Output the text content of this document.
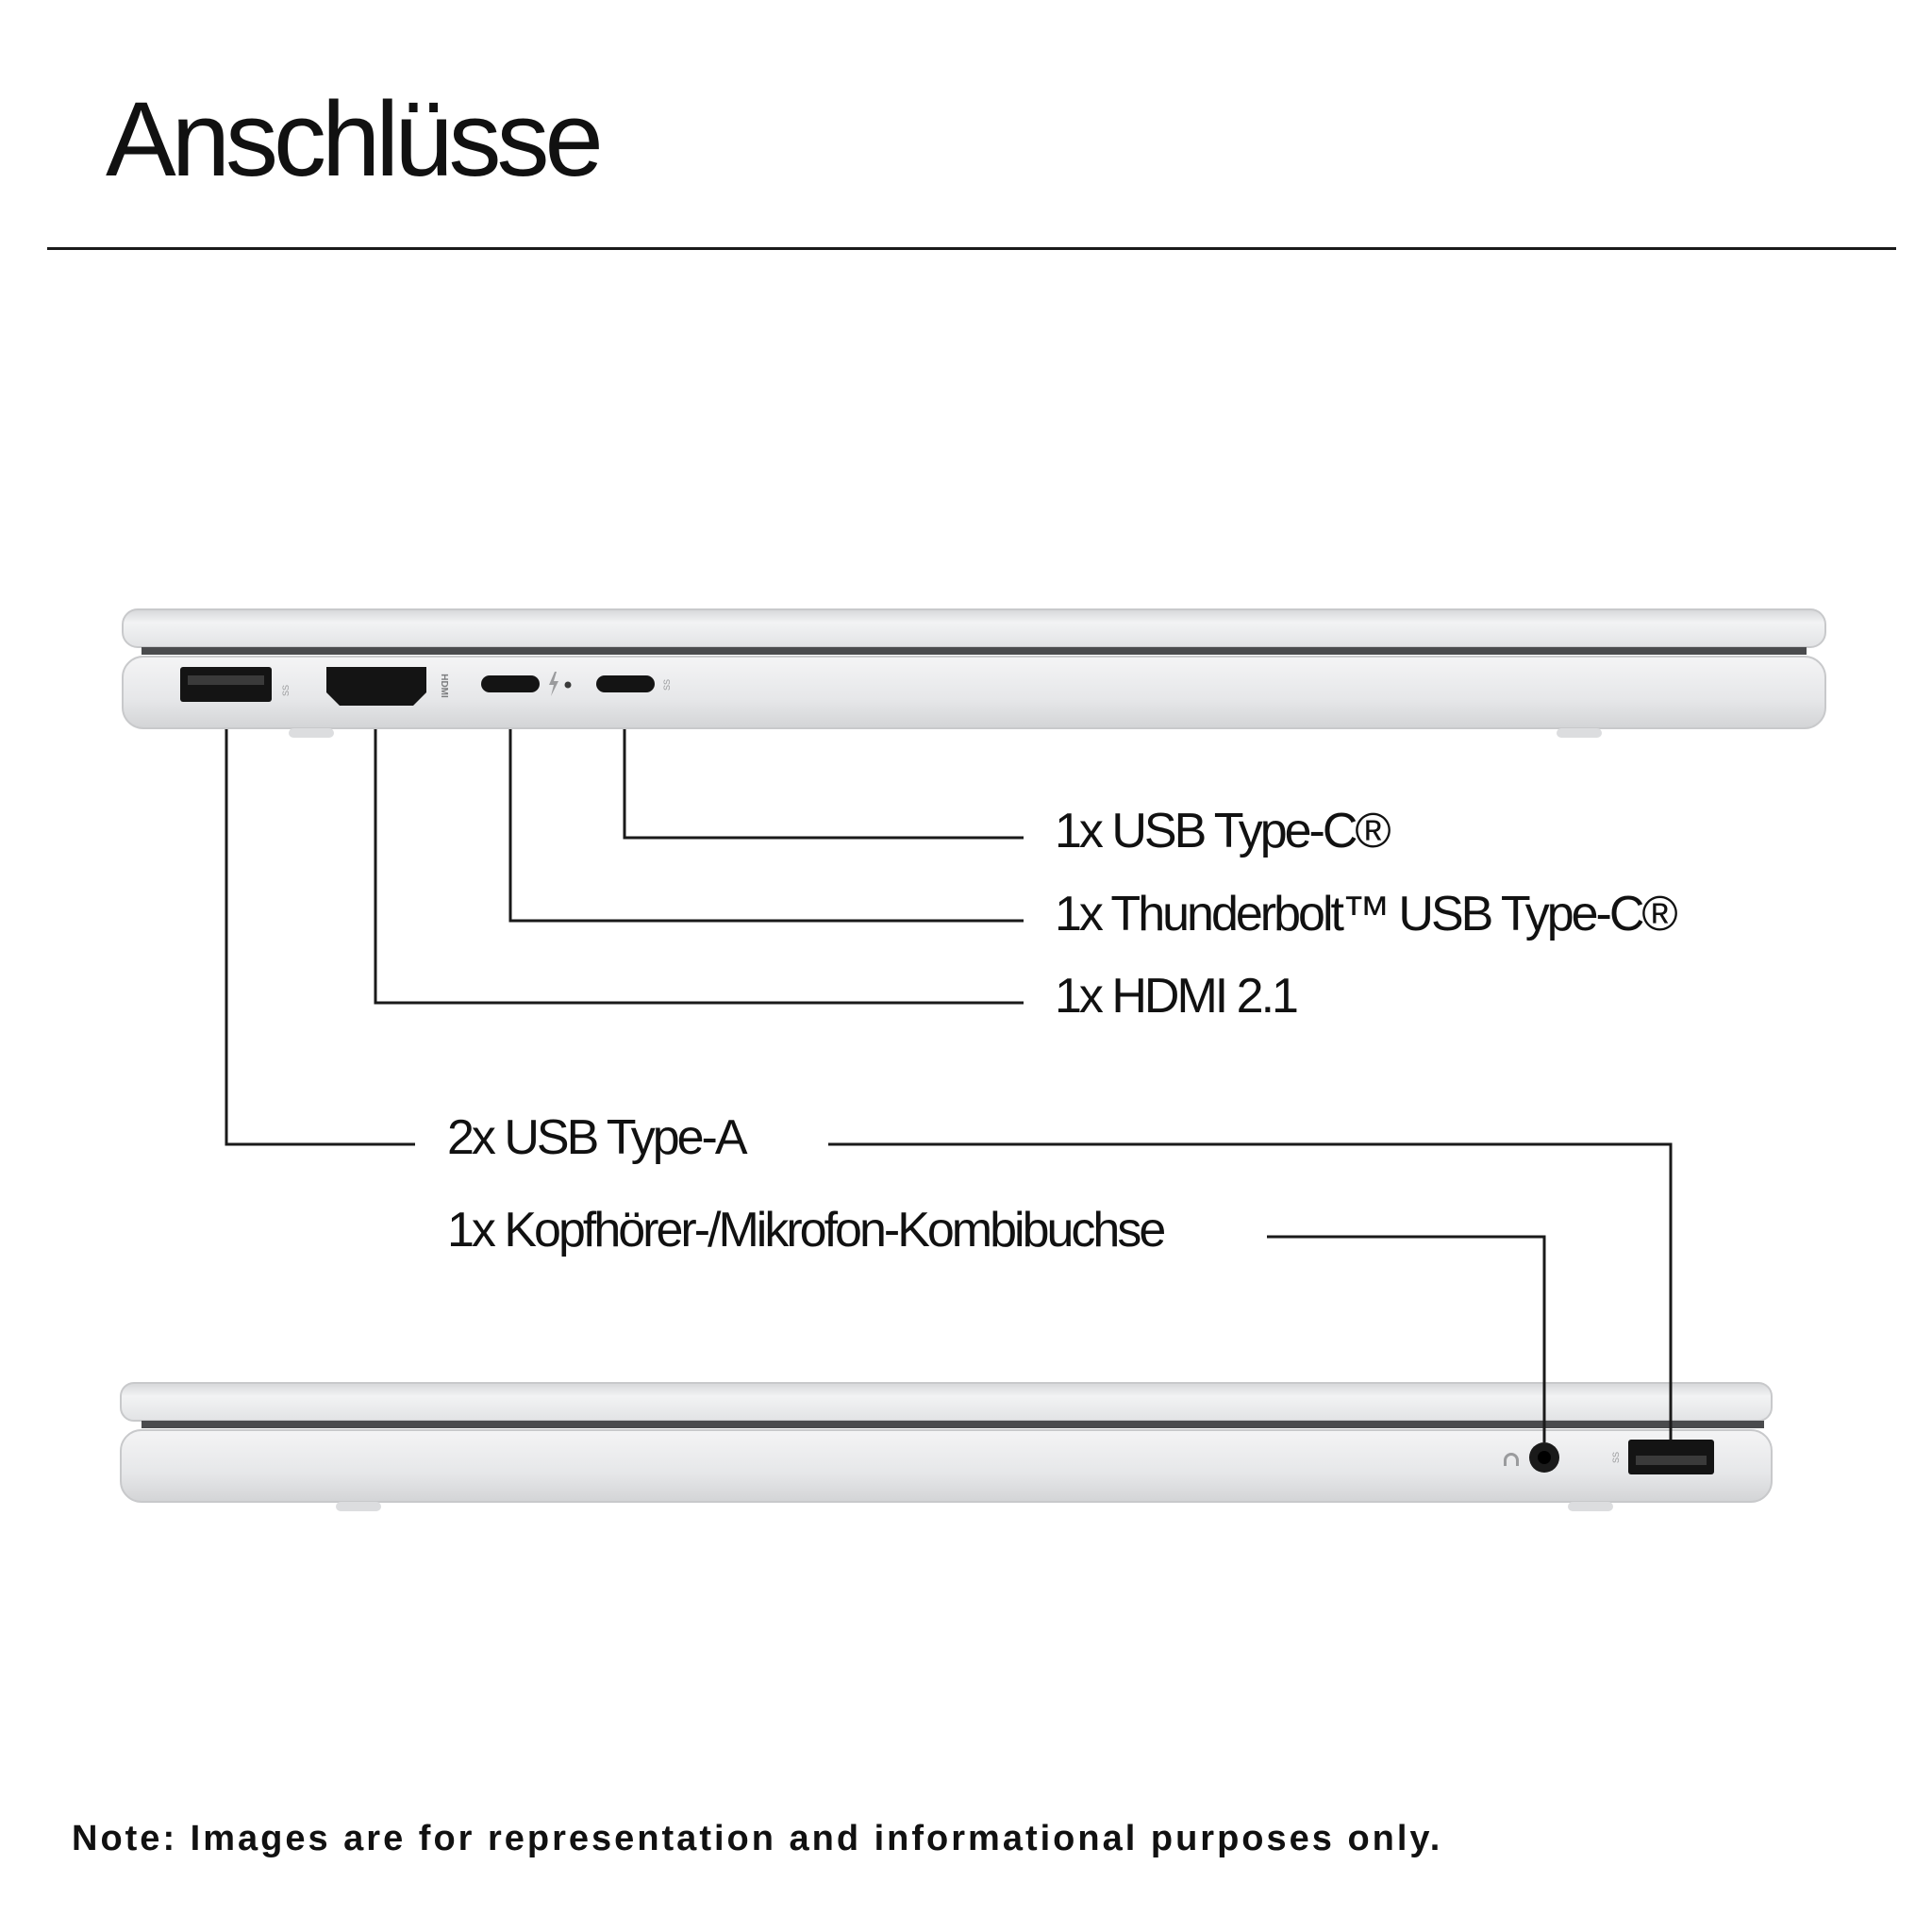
Anschlüsse
SS	HDMI	SS
SS
1x USB Type-C®
1x Thunderbolt™ USB Type-C®
1x HDMI 2.1
2x USB Type-A
1x Kopfhörer-/Mikrofon-Kombibuchse
Note: Images are for representation and informational purposes only.
